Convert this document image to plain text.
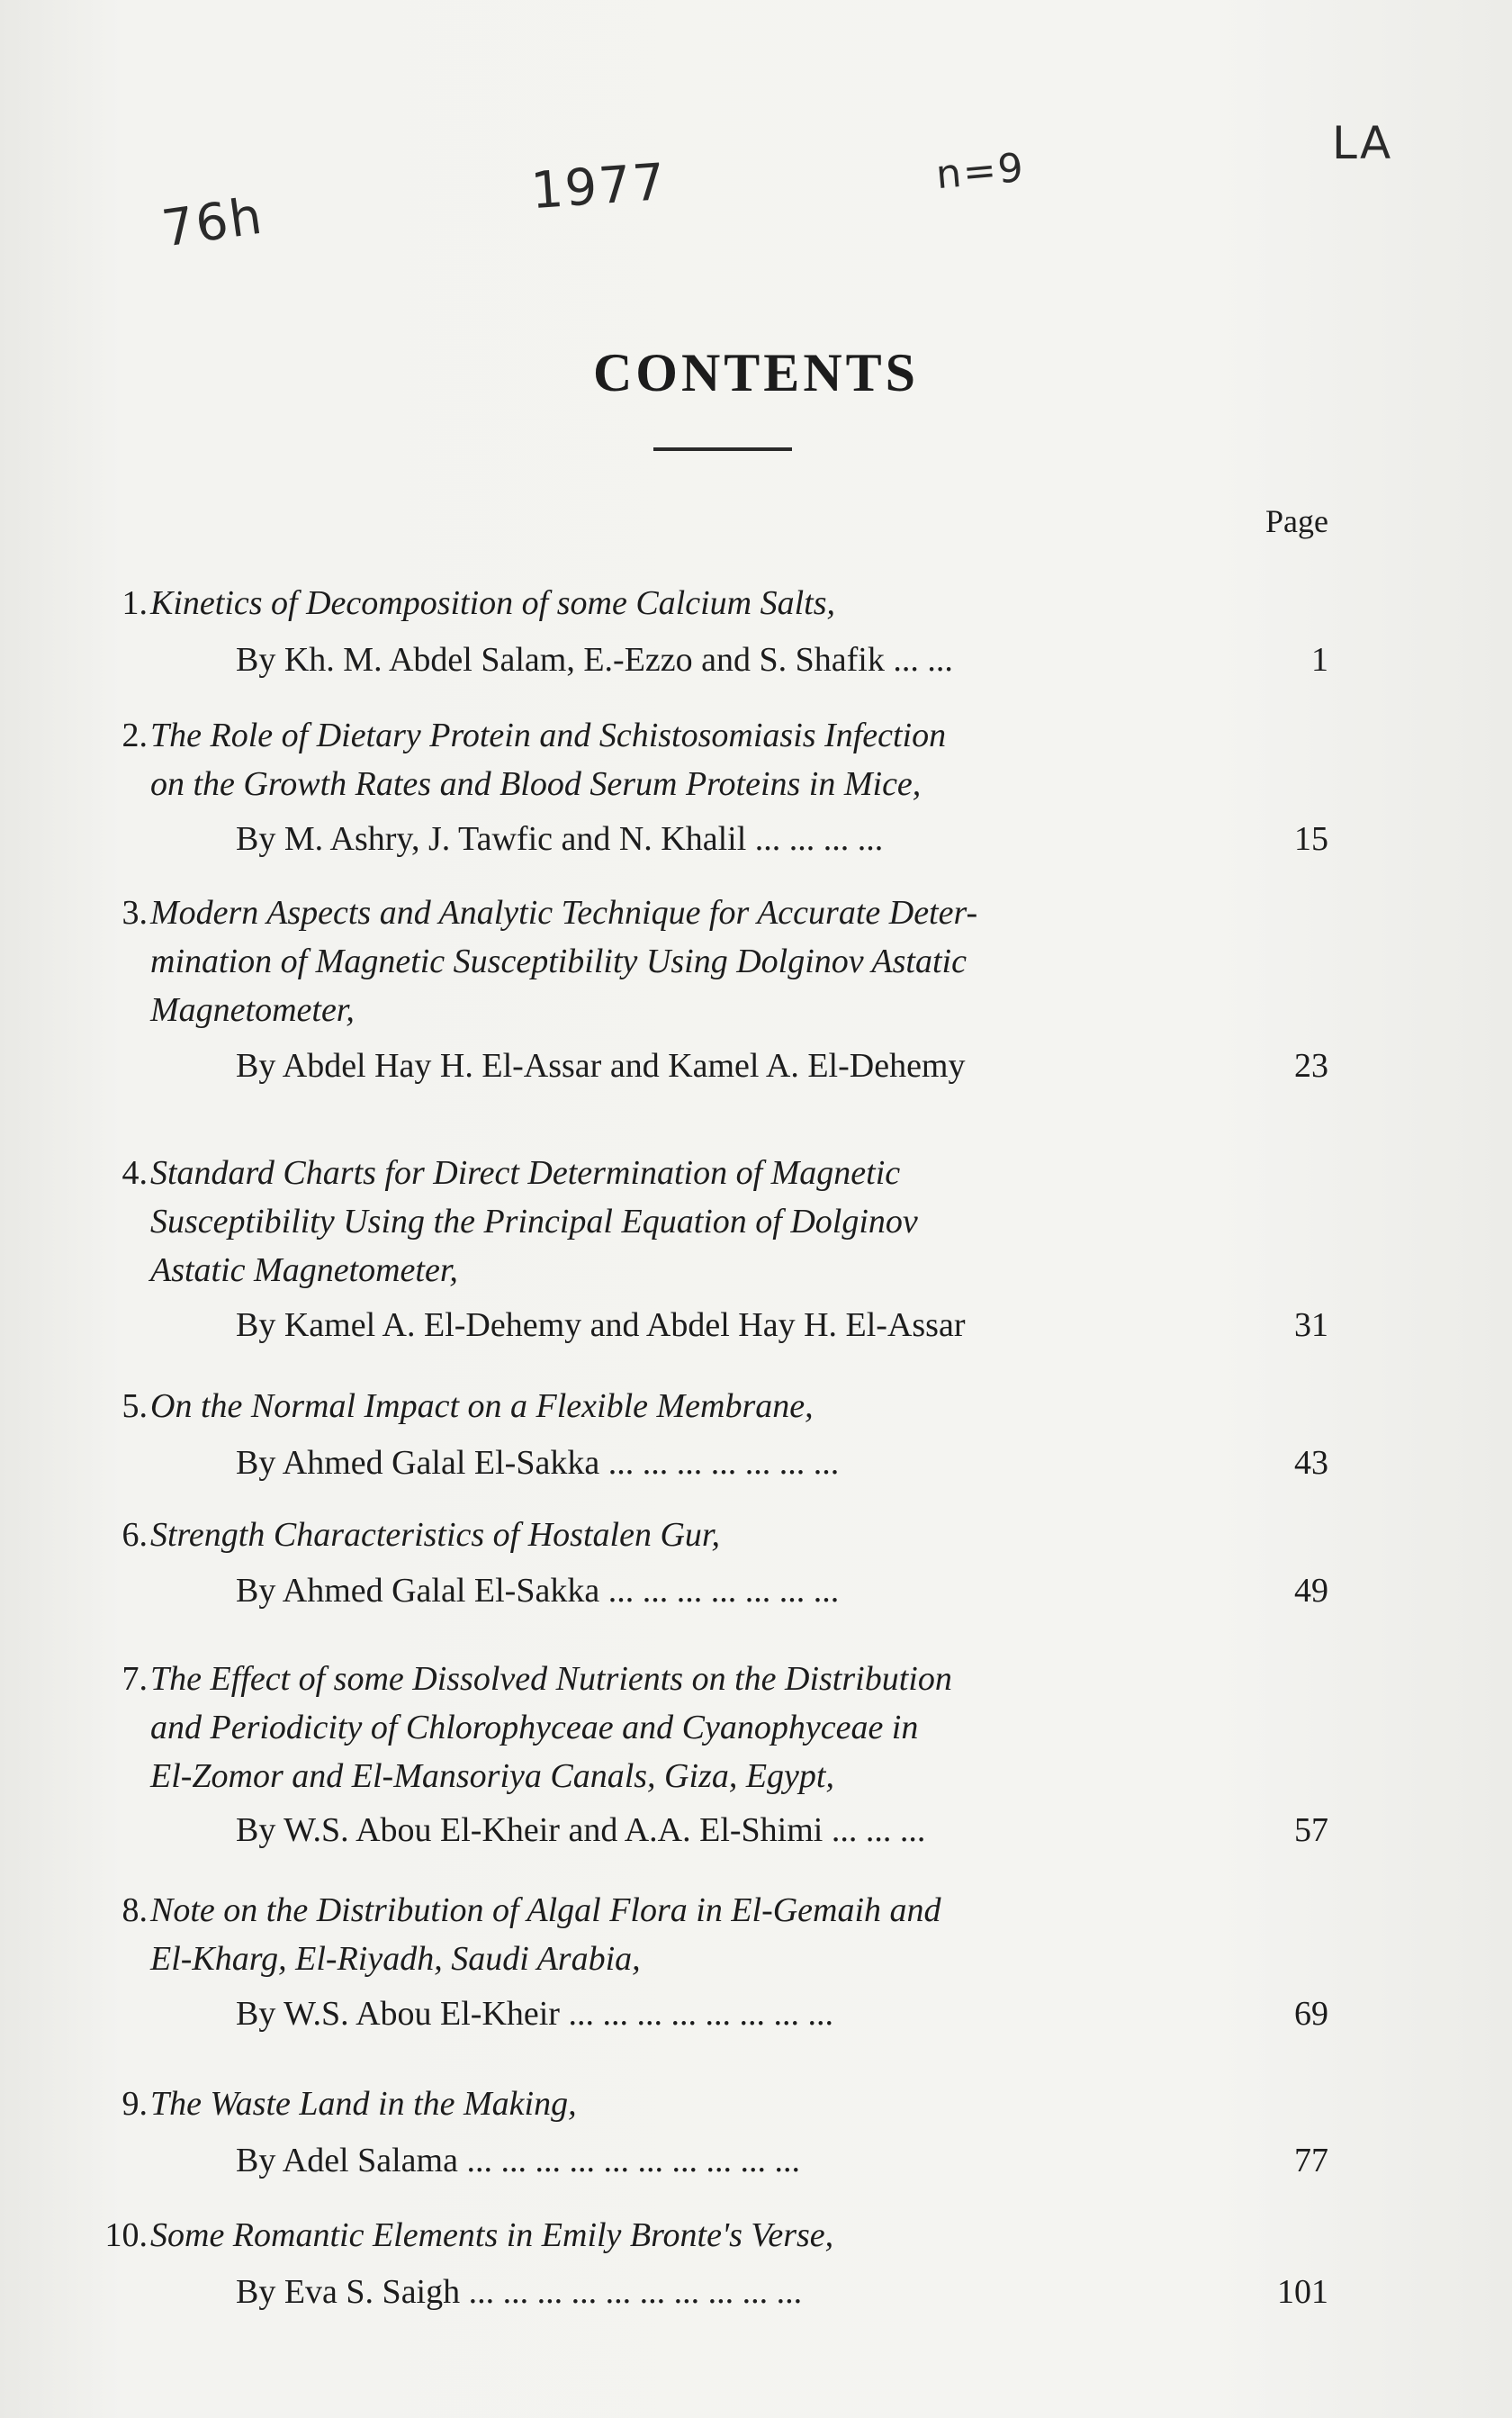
76h	1977	n=9
LA
CONTENTS
Page
1. Kinetics of Decomposition of some Calcium Salts,
By Kh. M. Abdel Salam, E.-Ezzo and S. Shafik ... ...	1
2. The Role of Dietary Protein and Schistosomiasis Infection
on the Growth Rates and Blood Serum Proteins in Mice,
By M. Ashry, J. Tawfic and N. Khalil ... ... ... ...	15
3. Modern Aspects and Analytic Technique for Accurate Deter-
mination of Magnetic Susceptibility Using Dolginov Astatic
Magnetometer,
By Abdel Hay H. El-Assar and Kamel A. El-Dehemy	23
4. Standard Charts for Direct Determination of Magnetic
Susceptibility Using the Principal Equation of Dolginov
Astatic Magnetometer,
By Kamel A. El-Dehemy and Abdel Hay H. El-Assar	31
5. On the Normal Impact on a Flexible Membrane,
By Ahmed Galal El-Sakka ... ... ... ... ... ... ...	43
6. Strength Characteristics of Hostalen Gur,
By Ahmed Galal El-Sakka ... ... ... ... ... ... ...	49
7. The Effect of some Dissolved Nutrients on the Distribution
and Periodicity of Chlorophyceae and Cyanophyceae in
El-Zomor and El-Mansoriya Canals, Giza, Egypt,
By W.S. Abou El-Kheir and A.A. El-Shimi ... ... ...	57
8. Note on the Distribution of Algal Flora in El-Gemaih and
El-Kharg, El-Riyadh, Saudi Arabia,
By W.S. Abou El-Kheir ... ... ... ... ... ... ... ...	69
9. The Waste Land in the Making,
By Adel Salama ... ... ... ... ... ... ... ... ... ...	77
10. Some Romantic Elements in Emily Bronte's Verse,
By Eva S. Saigh ... ... ... ... ... ... ... ... ... ...	101
